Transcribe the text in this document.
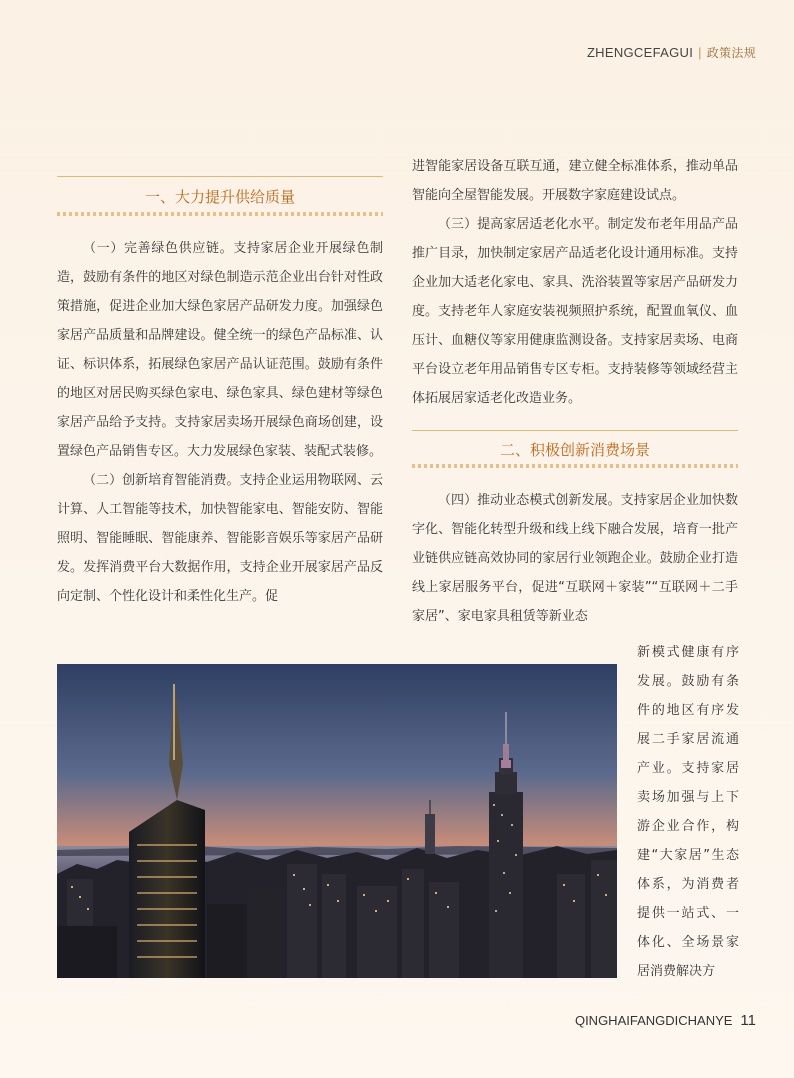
ZHENGCEFAGUI | 政策法规
一、大力提升供给质量

（一）完善绿色供应链。支持家居企业开展绿色制造，鼓励有条件的地区对绿色制造示范企业出台针对性政策措施，促进企业加大绿色家居产品研发力度。加强绿色家居产品质量和品牌建设。健全统一的绿色产品标准、认证、标识体系，拓展绿色家居产品认证范围。鼓励有条件的地区对居民购买绿色家电、绿色家具、绿色建材等绿色家居产品给予支持。支持家居卖场开展绿色商场创建，设置绿色产品销售专区。大力发展绿色家装、装配式装修。

（二）创新培育智能消费。支持企业运用物联网、云计算、人工智能等技术，加快智能家电、智能安防、智能照明、智能睡眠、智能康养、智能影音娱乐等家居产品研发。发挥消费平台大数据作用，支持企业开展家居产品反向定制、个性化设计和柔性化生产。促

进智能家居设备互联互通，建立健全标准体系，推动单品智能向全屋智能发展。开展数字家庭建设试点。

（三）提高家居适老化水平。制定发布老年用品产品推广目录，加快制定家居产品适老化设计通用标准。支持企业加大适老化家电、家具、洗浴装置等家居产品研发力度。支持老年人家庭安装视频照护系统，配置血氧仪、血压计、血糖仪等家用健康监测设备。支持家居卖场、电商平台设立老年用品销售专区专柜。支持装修等领域经营主体拓展居家适老化改造业务。

二、积极创新消费场景

（四）推动业态模式创新发展。支持家居企业加快数字化、智能化转型升级和线上线下融合发展，培育一批产业链供应链高效协同的家居行业领跑企业。鼓励企业打造线上家居服务平台，促进“互联网＋家装”“互联网＋二手家居”、家电家具租赁等新业态

新模式健康有序发展。鼓励有条件的地区有序发展二手家居流通产业。支持家居卖场加强与上下游企业合作，构建“大家居”生态体系，为消费者提供一站式、一体化、全场景家居消费解决方

QINGHAIFANGDICHANYE 11
